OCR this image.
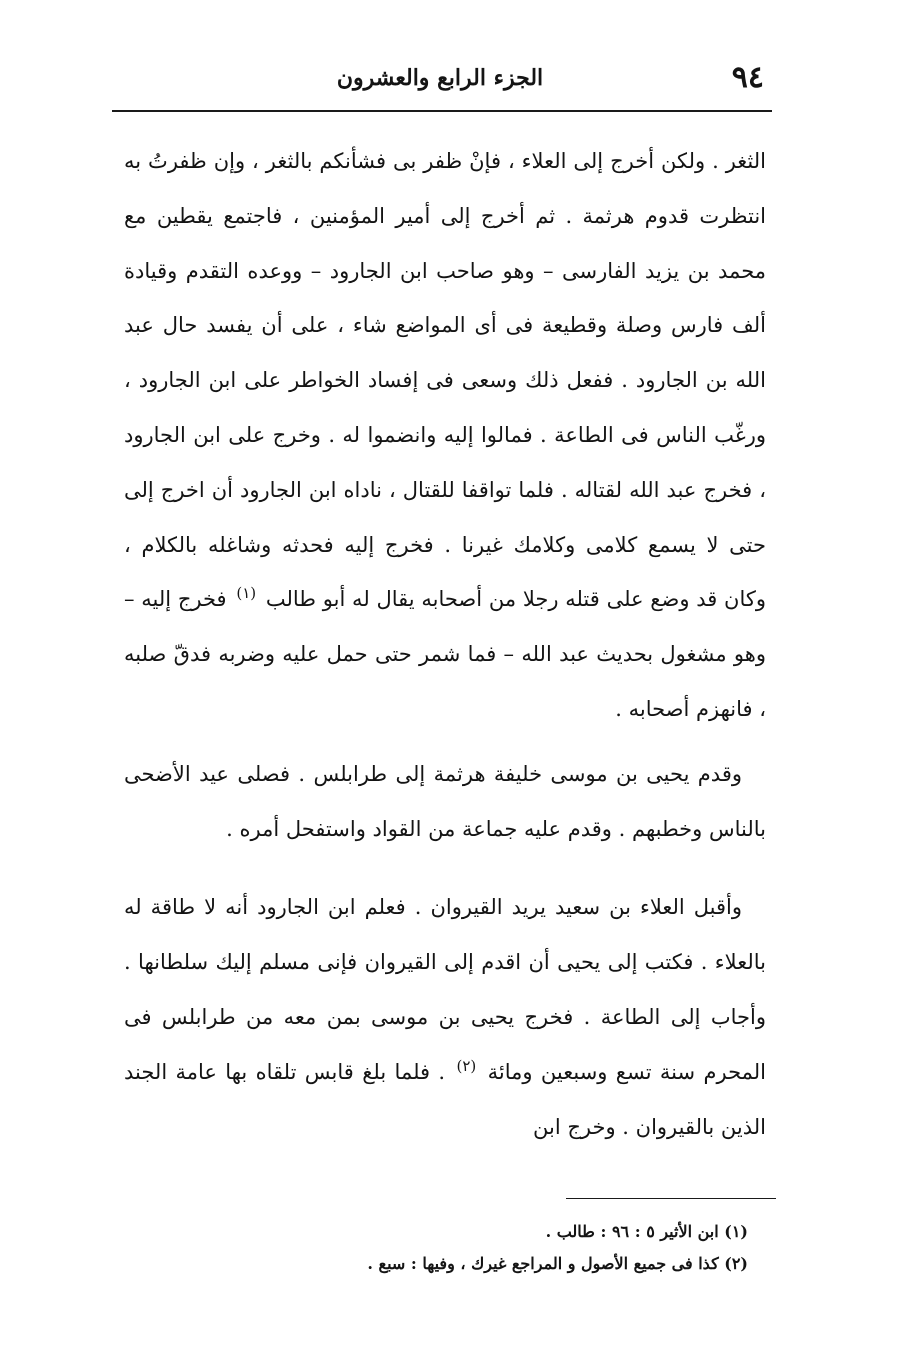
٩٤
الجزء الرابع والعشرون

الثغر . ولكن أخرج إلى العلاء ، فإنْ ظفر بى فشأنكم بالثغر ، وإن ظفرتُ به انتظرت قدوم هرثمة . ثم أخرج إلى أمير المؤمنين ، فاجتمع يقطين مع محمد بن يزيد الفارسى – وهو صاحب ابن الجارود – ووعده التقدم وقيادة ألف فارس وصلة وقطيعة فى أى المواضع شاء ، على أن يفسد حال عبد الله بن الجارود . ففعل ذلك وسعى فى إفساد الخواطر على ابن الجارود ، ورغّب الناس فى الطاعة . فمالوا إليه وانضموا له . وخرج على ابن الجارود ، فخرج عبد الله لقتاله . فلما تواقفا للقتال ، ناداه ابن الجارود أن اخرج إلى حتى لا يسمع كلامى وكلامك غيرنا . فخرج إليه فحدثه وشاغله بالكلام ، وكان قد وضع على قتله رجلا من أصحابه يقال له أبو طالب $^{(١)}$ فخرج إليه – وهو مشغول بحديث عبد الله – فما شمر حتى حمل عليه وضربه فدقّ صلبه ، فانهزم أصحابه .

وقدم يحيى بن موسى خليفة هرثمة إلى طرابلس . فصلى عيد الأضحى بالناس وخطبهم . وقدم عليه جماعة من القواد واستفحل أمره .

وأقبل العلاء بن سعيد يريد القيروان . فعلم ابن الجارود أنه لا طاقة له بالعلاء . فكتب إلى يحيى أن اقدم إلى القيروان فإنى مسلم إليك سلطانها . وأجاب إلى الطاعة . فخرج يحيى بن موسى بمن معه من طرابلس فى المحرم سنة تسع وسبعين ومائة $^{(٢)}$ . فلما بلغ قابس تلقاه بها عامة الجند الذين بالقيروان . وخرج ابن

(١) ابن الأثير ٥ : ٩٦ : طالب .

(٢) كذا فى جميع الأصول و المراجع غيرك ، وفيها : سبع .
